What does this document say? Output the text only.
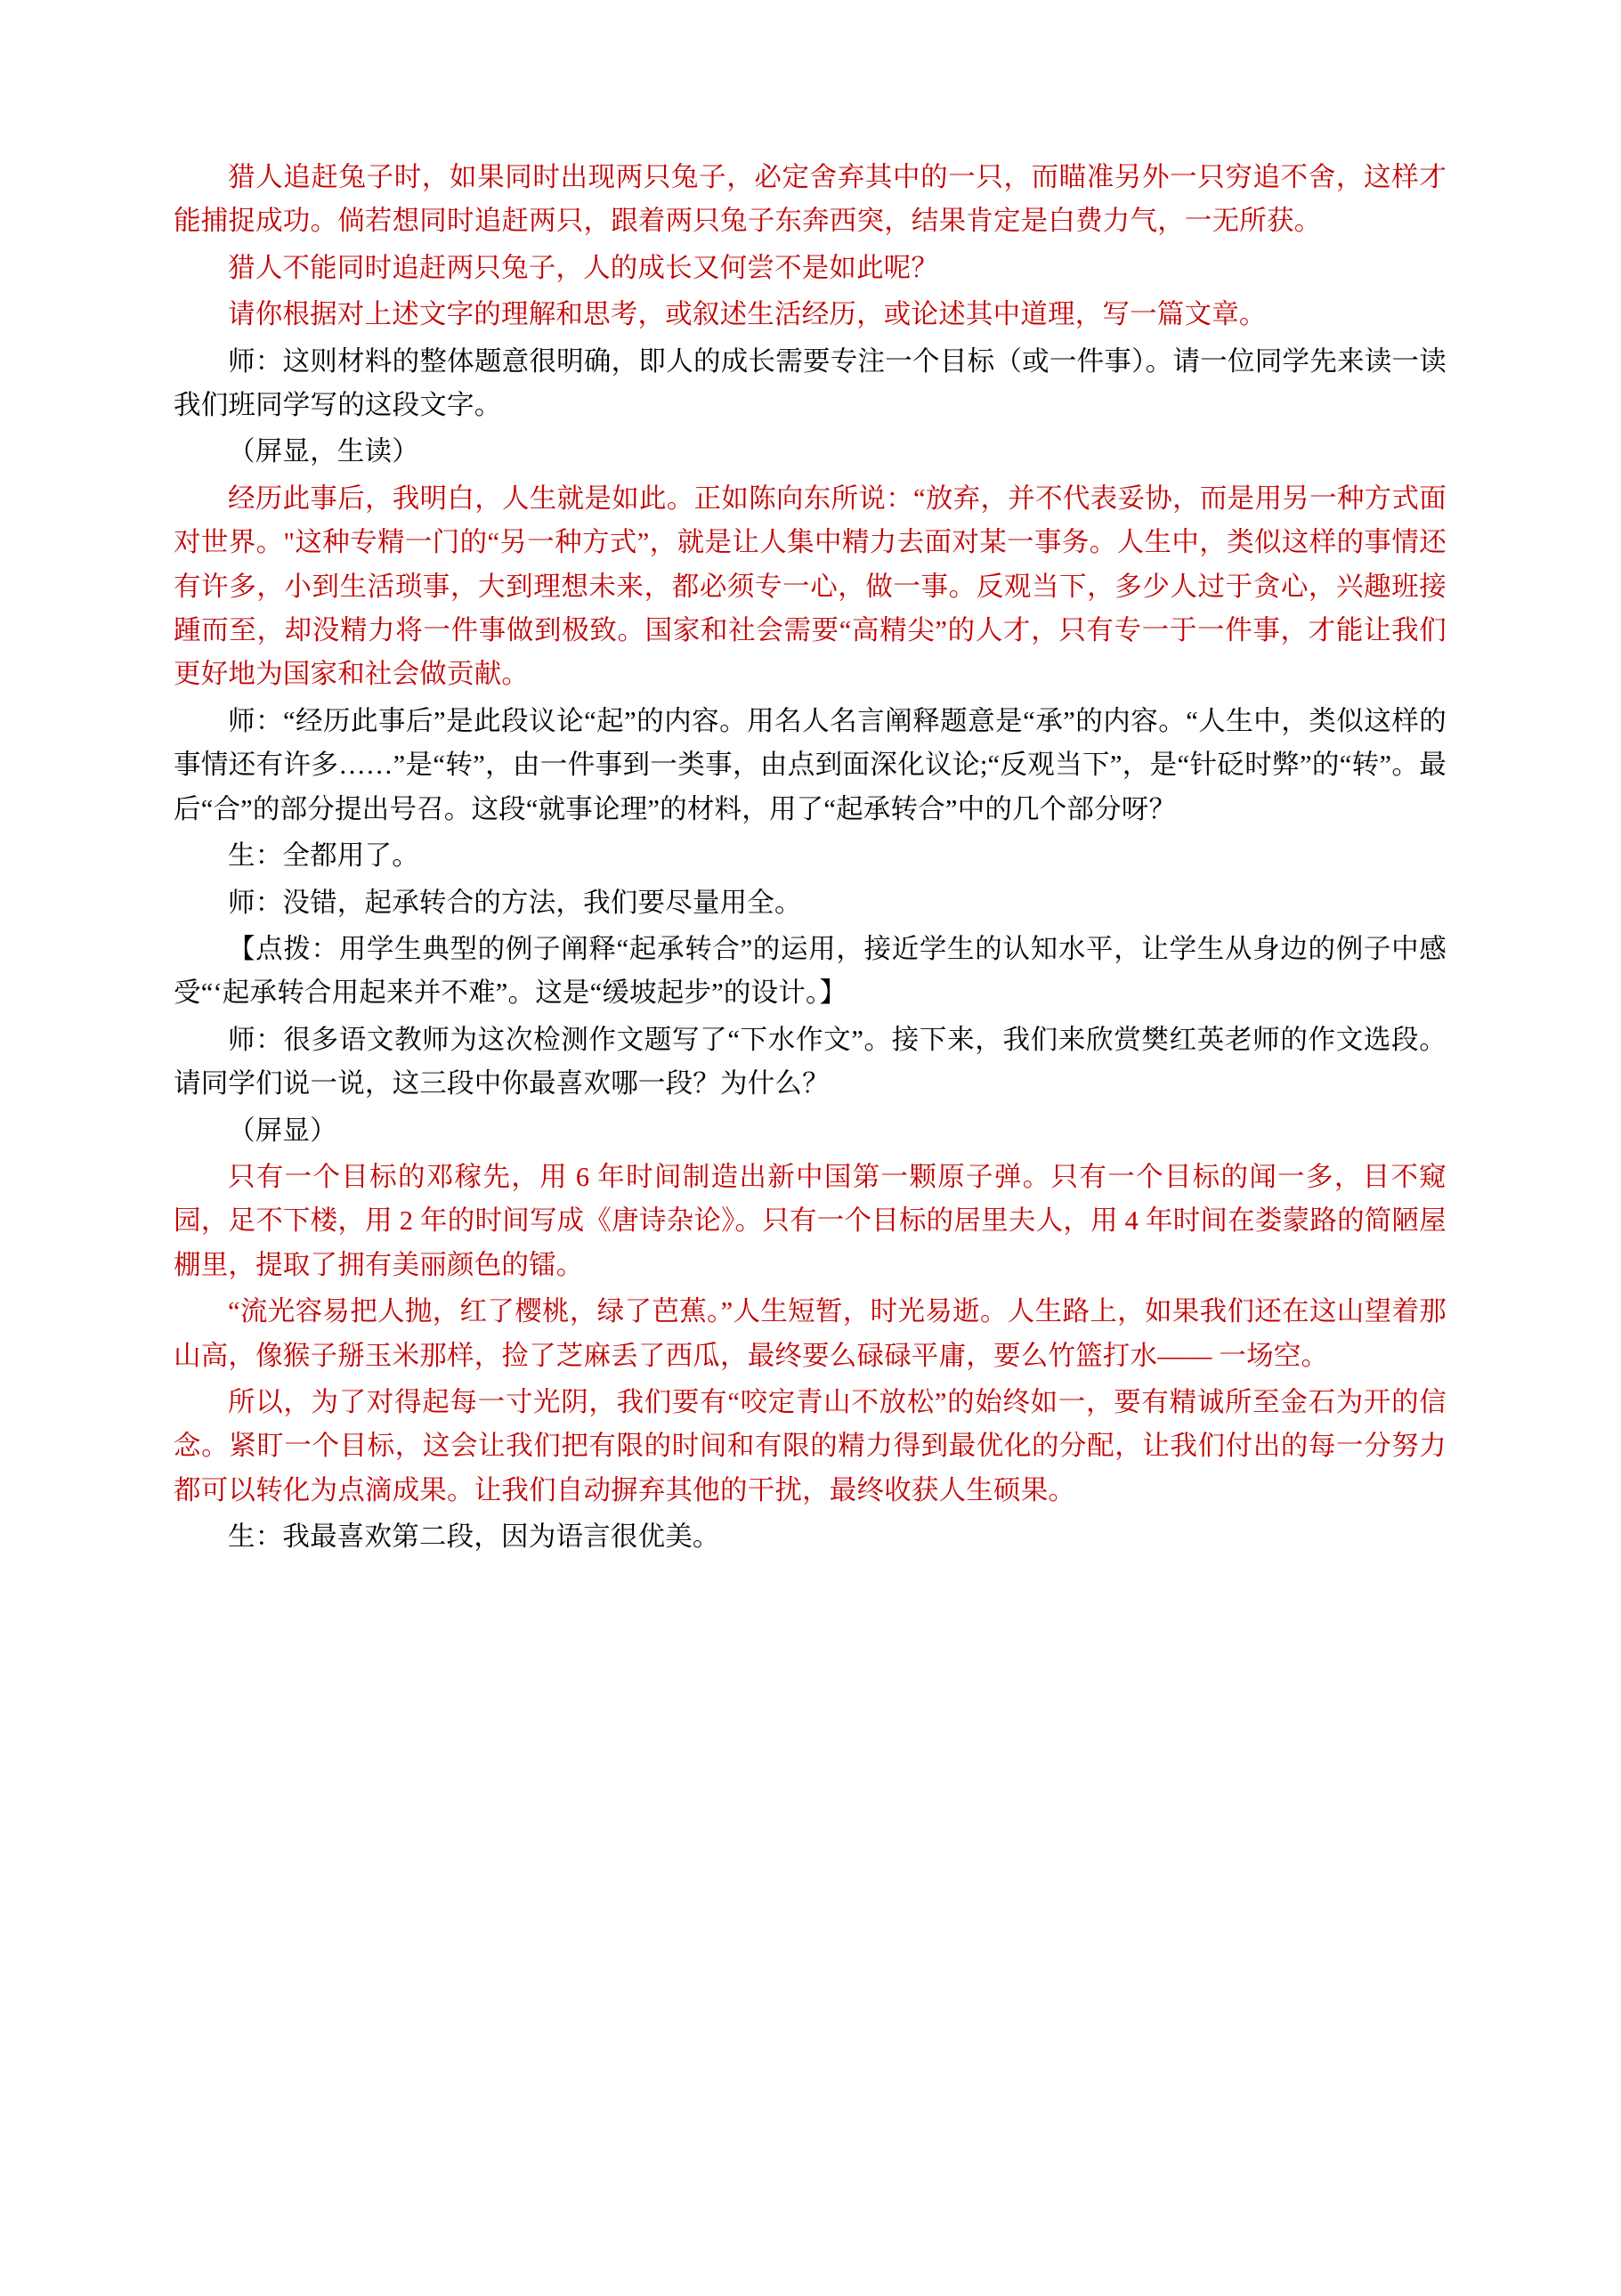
猎人追赶兔子时，如果同时出现两只兔子，必定舍弃其中的一只，而瞄准另外一只穷追不舍，这样才能捕捉成功。倘若想同时追赶两只，跟着两只兔子东奔西突，结果肯定是白费力气，一无所获。

猎人不能同时追赶两只兔子，人的成长又何尝不是如此呢？

请你根据对上述文字的理解和思考，或叙述生活经历，或论述其中道理，写一篇文章。

师：这则材料的整体题意很明确，即人的成长需要专注一个目标（或一件事）。请一位同学先来读一读我们班同学写的这段文字。

（屏显，生读）

经历此事后，我明白，人生就是如此。正如陈向东所说：“放弃，并不代表妥协，而是用另一种方式面对世界。"这种专精一门的“另一种方式”，就是让人集中精力去面对某一事务。人生中，类似这样的事情还有许多，小到生活琐事，大到理想未来，都必须专一心，做一事。反观当下，多少人过于贪心，兴趣班接踵而至，却没精力将一件事做到极致。国家和社会需要“高精尖”的人才，只有专一于一件事，才能让我们更好地为国家和社会做贡献。

师：“经历此事后”是此段议论“起”的内容。用名人名言阐释题意是“承”的内容。“人生中，类似这样的事情还有许多……”是“转”，由一件事到一类事，由点到面深化议论;“反观当下”，是“针砭时弊”的“转”。最后“合”的部分提出号召。这段“就事论理”的材料，用了“起承转合”中的几个部分呀？

生：全都用了。

师：没错，起承转合的方法，我们要尽量用全。

【点拨：用学生典型的例子阐释“起承转合”的运用，接近学生的认知水平，让学生从身边的例子中感受“‘起承转合用起来并不难”。这是“缓坡起步”的设计。】

师：很多语文教师为这次检测作文题写了“下水作文”。接下来，我们来欣赏樊红英老师的作文选段。请同学们说一说，这三段中你最喜欢哪一段？为什么？

（屏显）

只有一个目标的邓稼先，用 6 年时间制造出新中国第一颗原子弹。只有一个目标的闻一多，目不窥园，足不下楼，用 2 年的时间写成《唐诗杂论》。只有一个目标的居里夫人，用 4 年时间在娄蒙路的简陋屋棚里，提取了拥有美丽颜色的镭。

“流光容易把人抛，红了樱桃，绿了芭蕉。”人生短暂，时光易逝。人生路上，如果我们还在这山望着那山高，像猴子掰玉米那样，捡了芝麻丢了西瓜，最终要么碌碌平庸，要么竹篮打水—— 一场空。

所以，为了对得起每一寸光阴，我们要有“咬定青山不放松”的始终如一，要有精诚所至金石为开的信念。紧盯一个目标，这会让我们把有限的时间和有限的精力得到最优化的分配，让我们付出的每一分努力都可以转化为点滴成果。让我们自动摒弃其他的干扰，最终收获人生硕果。

生：我最喜欢第二段，因为语言很优美。
